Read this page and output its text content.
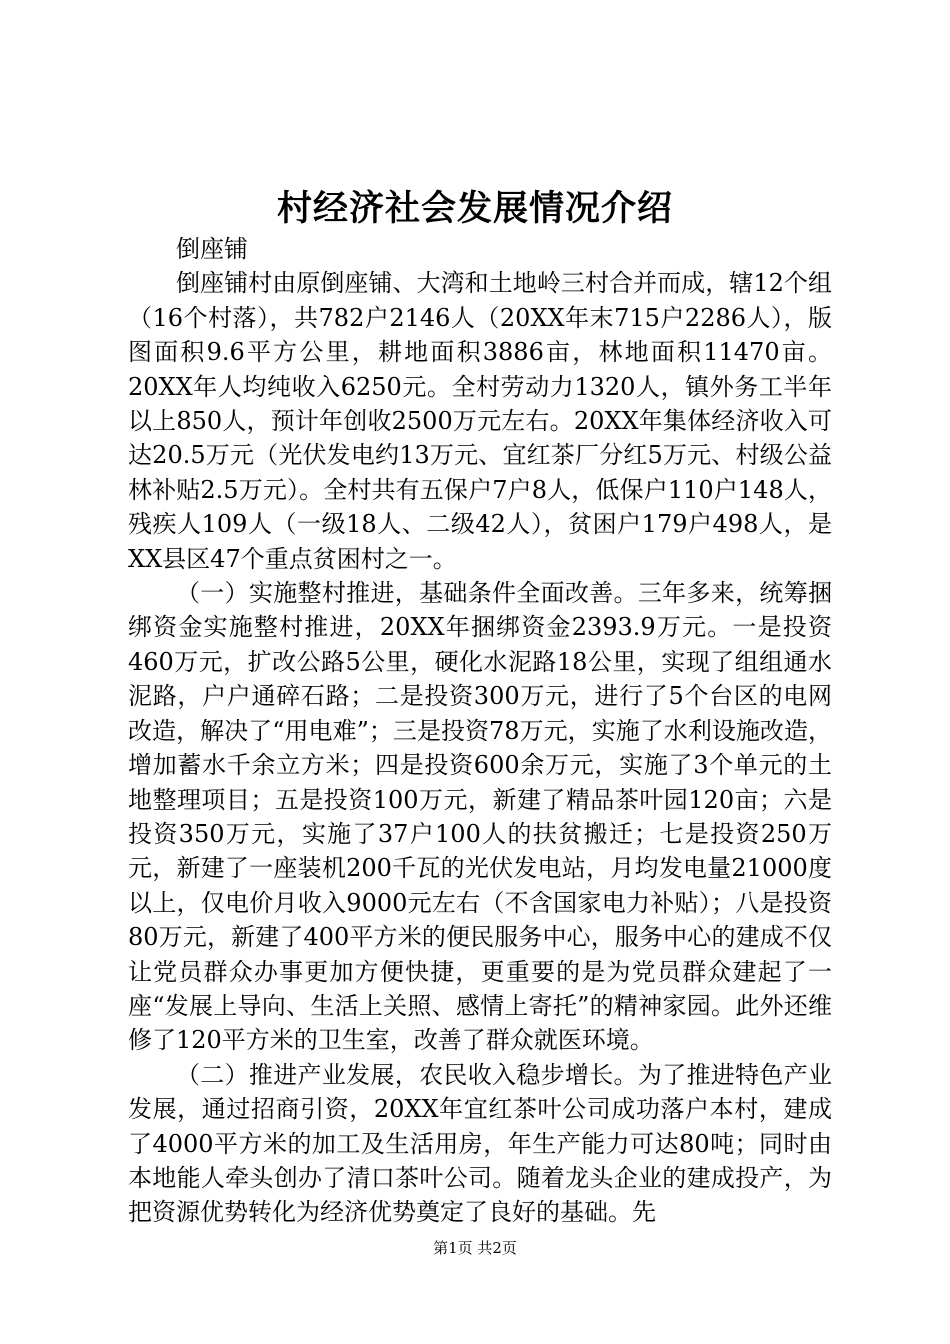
村经济社会发展情况介绍

倒座铺

倒座铺村由原倒座铺、大湾和土地岭三村合并而成，辖12个组（16个村落），共782户2146人（20XX年末715户2286人），版图面积9.6平方公里，耕地面积3886亩，林地面积11470亩。20XX年人均纯收入6250元。全村劳动力1320人，镇外务工半年以上850人，预计年创收2500万元左右。20XX年集体经济收入可达20.5万元（光伏发电约13万元、宜红茶厂分红5万元、村级公益林补贴2.5万元）。全村共有五保户7户8人，低保户110户148人，残疾人109人（一级18人、二级42人），贫困户179户498人，是XX县区47个重点贫困村之一。

（一）实施整村推进，基础条件全面改善。三年多来，统筹捆绑资金实施整村推进，20XX年捆绑资金2393.9万元。一是投资460万元，扩改公路5公里，硬化水泥路18公里，实现了组组通水泥路，户户通碎石路；二是投资300万元，进行了5个台区的电网改造，解决了“用电难”；三是投资78万元，实施了水利设施改造，增加蓄水千余立方米；四是投资600余万元，实施了3个单元的土地整理项目；五是投资100万元，新建了精品茶叶园120亩；六是投资350万元，实施了37户100人的扶贫搬迁；七是投资250万元，新建了一座装机200千瓦的光伏发电站，月均发电量21000度以上，仅电价月收入9000元左右（不含国家电力补贴）；八是投资80万元，新建了400平方米的便民服务中心，服务中心的建成不仅让党员群众办事更加方便快捷，更重要的是为党员群众建起了一座“发展上导向、生活上关照、感情上寄托”的精神家园。此外还维修了120平方米的卫生室，改善了群众就医环境。

（二）推进产业发展，农民收入稳步增长。为了推进特色产业发展，通过招商引资，20XX年宜红茶叶公司成功落户本村，建成了4000平方米的加工及生活用房，年生产能力可达80吨；同时由本地能人牵头创办了清口茶叶公司。随着龙头企业的建成投产，为把资源优势转化为经济优势奠定了良好的基础。先

第1页 共2页
